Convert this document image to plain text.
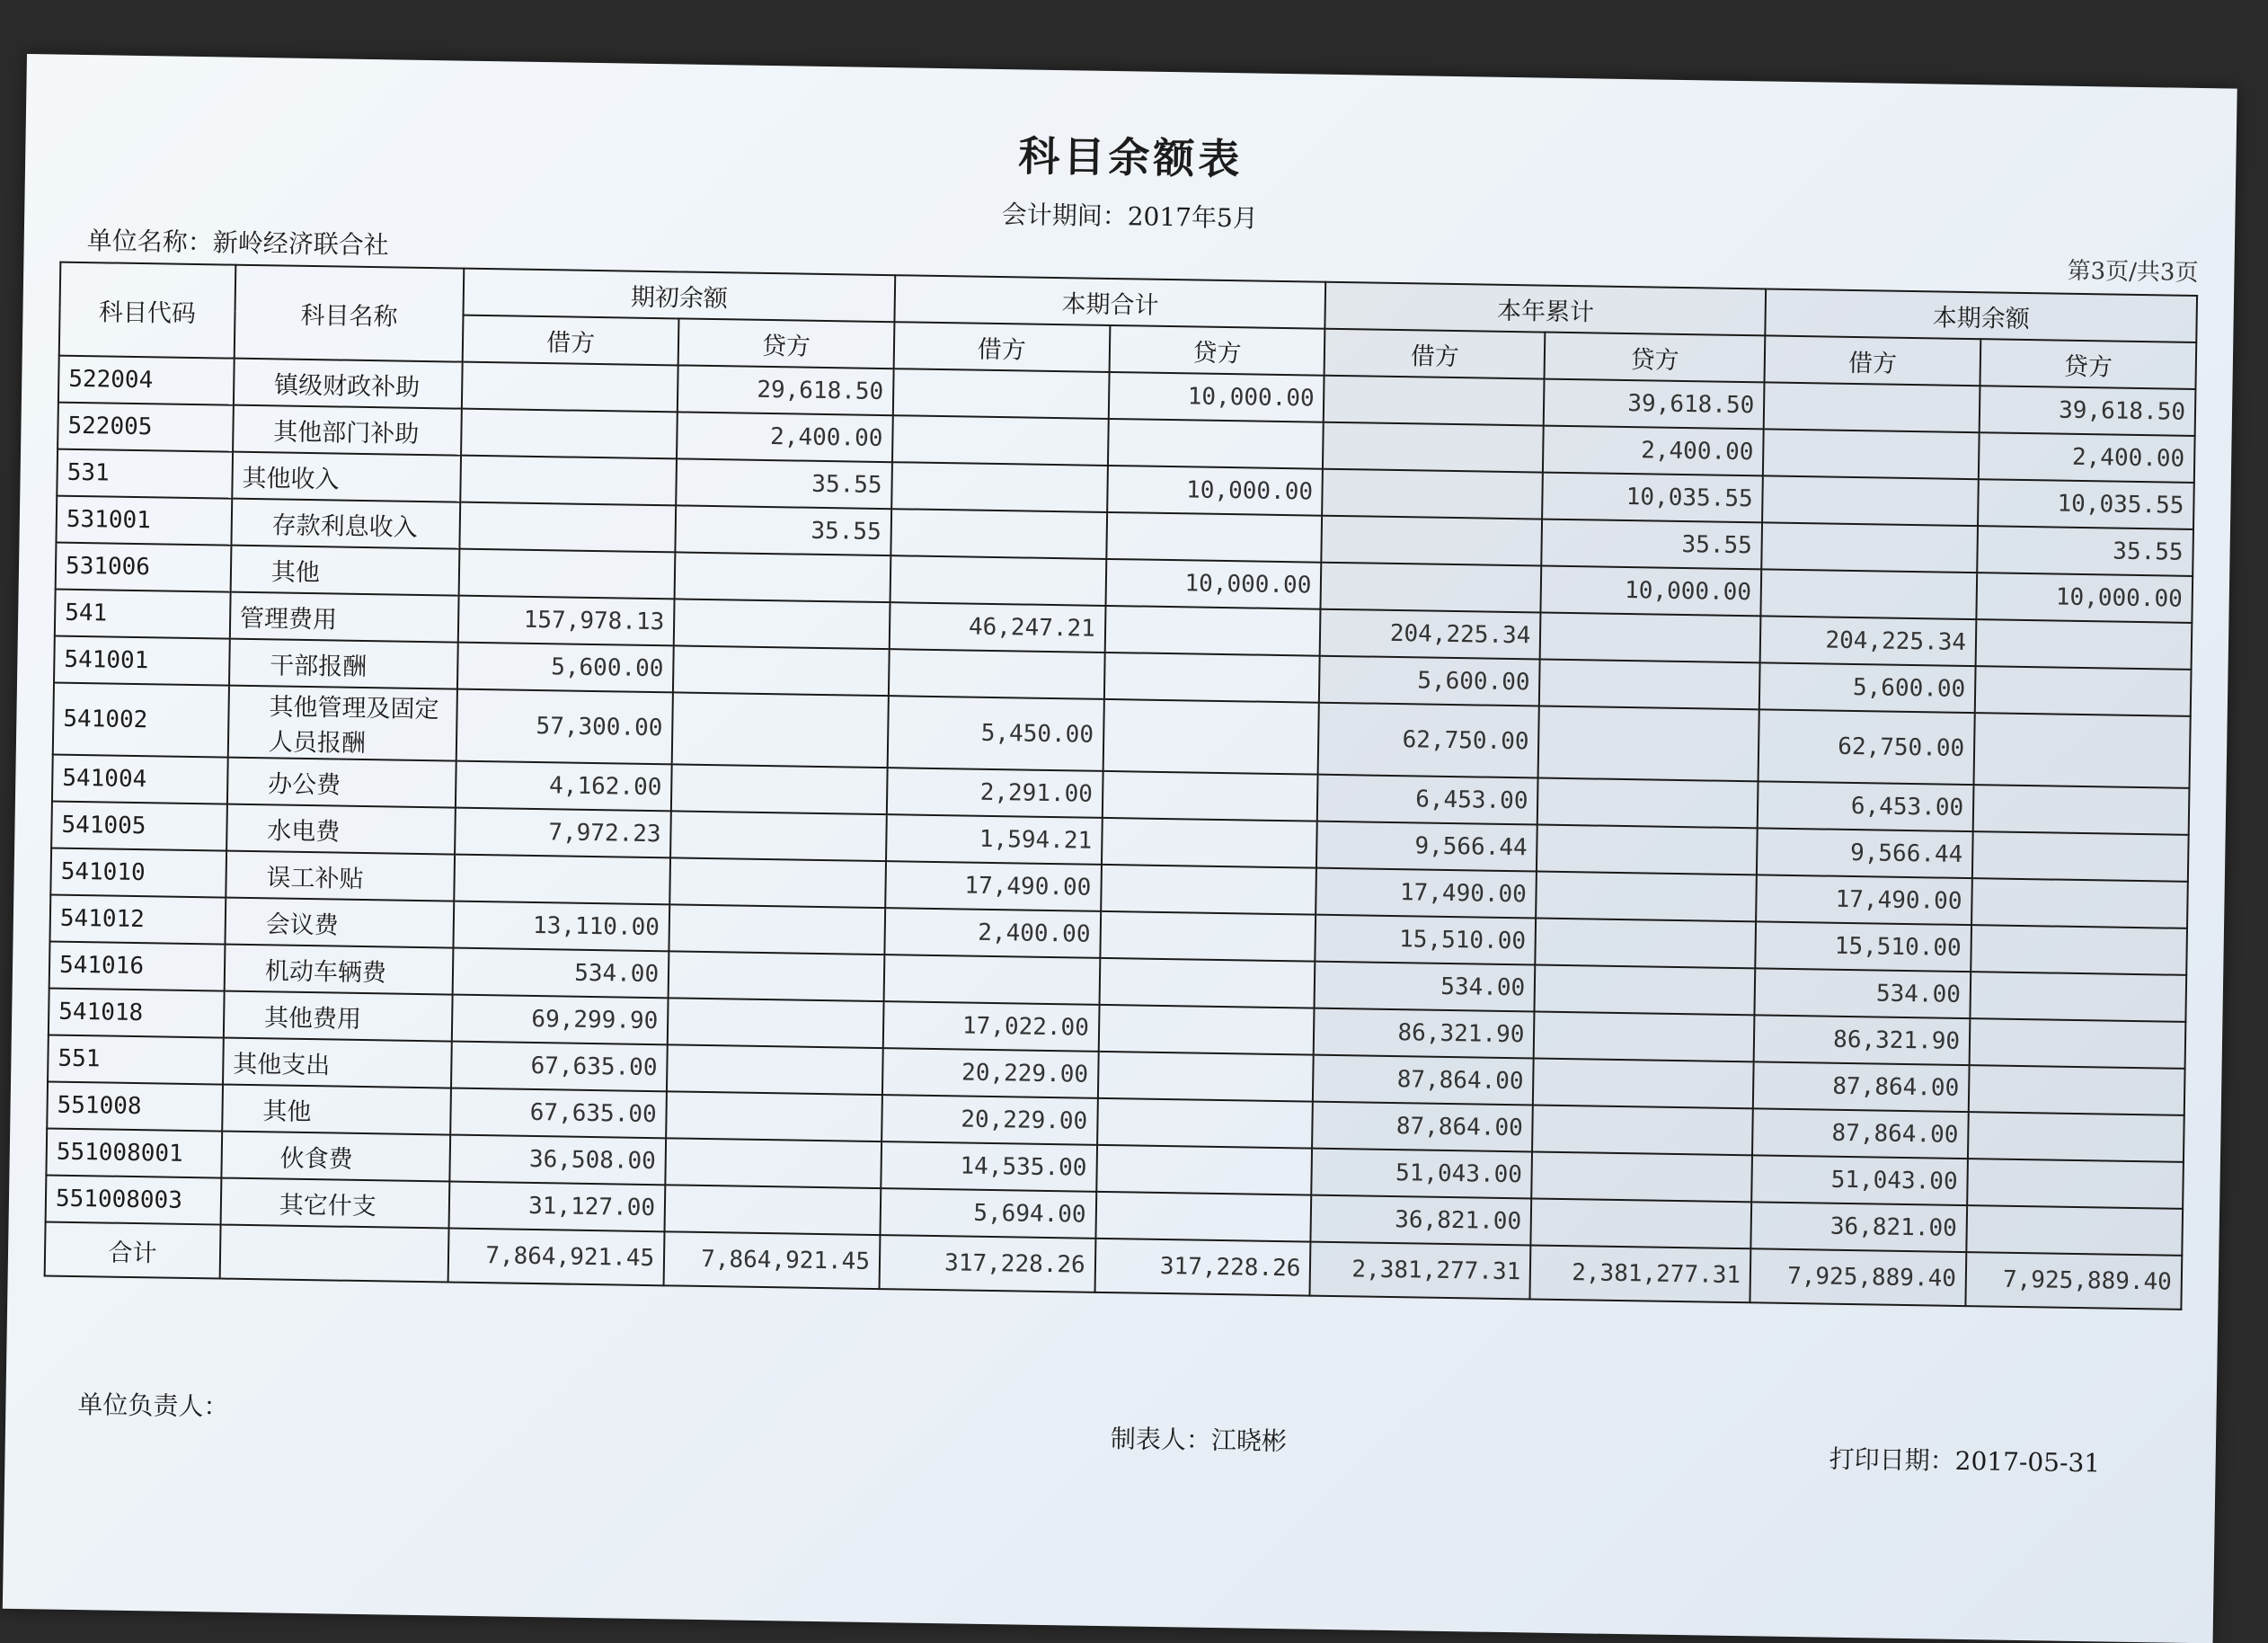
科目余额表
会计期间：2017年5月
单位名称：新岭经济联合社
第3页/共3页
科目代码	科目名称	期初余额		本期合计		本年累计		本期余额	
		借方	贷方	借方	贷方	借方	贷方	借方	贷方
522004	镇级财政补助		29,618.50		10,000.00		39,618.50		39,618.50
522005	其他部门补助		2,400.00				2,400.00		2,400.00
531	其他收入		35.55		10,000.00		10,035.55		10,035.55
531001	存款利息收入		35.55				35.55		35.55
531006	其他				10,000.00		10,000.00		10,000.00
541	管理费用	157,978.13		46,247.21		204,225.34		204,225.34	
541001	干部报酬	5,600.00				5,600.00		5,600.00	
541002	其他管理及固定人员报酬	57,300.00		5,450.00		62,750.00		62,750.00	
541004	办公费	4,162.00		2,291.00		6,453.00		6,453.00	
541005	水电费	7,972.23		1,594.21		9,566.44		9,566.44	
541010	误工补贴			17,490.00		17,490.00		17,490.00	
541012	会议费	13,110.00		2,400.00		15,510.00		15,510.00	
541016	机动车辆费	534.00				534.00		534.00	
541018	其他费用	69,299.90		17,022.00		86,321.90		86,321.90	
551	其他支出	67,635.00		20,229.00		87,864.00		87,864.00	
551008	其他	67,635.00		20,229.00		87,864.00		87,864.00	
551008001	伙食费	36,508.00		14,535.00		51,043.00		51,043.00	
551008003	其它什支	31,127.00		5,694.00		36,821.00		36,821.00	
合计		7,864,921.45	7,864,921.45	317,228.26	317,228.26	2,381,277.31	2,381,277.31	7,925,889.40	7,925,889.40
单位负责人：
制表人：江晓彬
打印日期：2017-05-31
